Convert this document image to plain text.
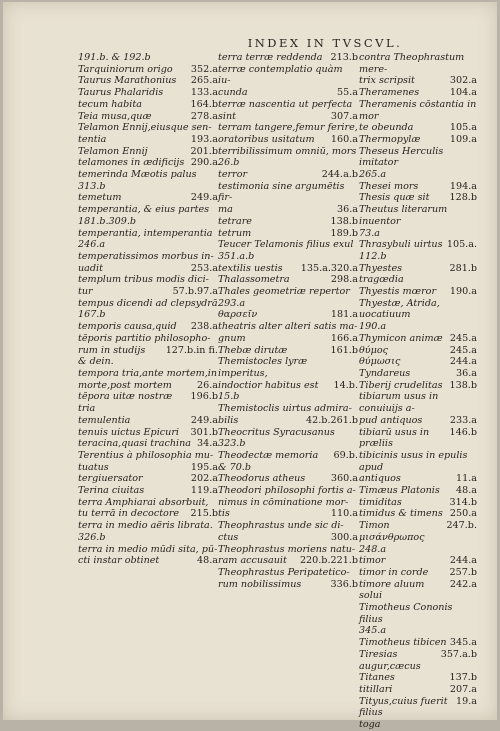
INDEX IN TVSCVL.
191.b. & 192.b
352.a
Tarquiniorum origo
265.a
Taurus Marathonius
133.a
Taurus Phalaridis
164.b
tecum habita
278.a
Teia musa,quæ
Telamon Ennij,eiusque sen-
193.a
tentia
201.b
Telamon Ennij
290.a
telamones in ædificijs
temerinda Mæotis palus
313.b
249.a
temetum
temperantia, & eius partes
181.b.309.b
temperantia, intemperantia
246.a
temperatissimos morbus in-
253.a
uadit
templum tribus modis dici-
57.b.97.a
tur
tempus dicendi ad clepsydrā
167.b
238.a
temporis causa,quid
tēporis partitio philosopho-
127.b.in fi.
rum in studijs
& dein.
tempora tria,ante mortem,in
26.a
morte,post mortem
196.b
tēpora uitæ nostræ tria
249.a
temulentia
301.b
tenuis uictus Epicuri
34.a
teracina,quasi trachina
Terentius à philosophia mu-
195.a
tuatus
202.a
tergiuersator
119.a
Terina ciuitas
terra Amphiarai absorbuit,
215.b
tu terrā in decoctore
terra in medio aëris librata.
326.b
terra in medio mūdi sita, pū-
48.a
cti instar obtinet
213.b
terra terræ reddenda
terræ contemplatio quàm iu-
55.a
cunda
terræ nascentia ut perfecta
307.a
sint
terram tangere,femur ferire,
160.a
oratoribus usitatum
terribilissimum omniū, mors
26.b
244.a.b
terror
testimonia sine argumētis fir-
36.a
ma
138.b
tetrare
189.b
tetrum
Teucer Telamonis filius exul
351.a.b
135.a.320.a
textilis uestis
298.a
Thalassometra
Thales geometriæ repertor
293.a
181.a
θαρσεῖν
theatris alter alteri satis ma-
166.a
gnum
161.b
Thebæ dirutæ
Themistocles lyræ imperitus,
14.b.
indoctior habitus est
15.b
Themistoclis uirtus admira-
42.b.261.b
bilis
Theocritus Syracusanus
323.b
69.b.
Theodectæ memoria
& 70.b
360.a
Theodorus atheus
Theodori philosophi fortis a-
nimus in cōminatione mor-
110.a
tis
Theophrastus unde sic di-
300.a
ctus
Theophrastus moriens natu-
220.b.221.b
ram accusauit
Theophrastus Peripatetico-
336.b
rum nobilissimus
contra Theophrastum mere-
302.a
trix scripsit
104.a
Theramenes
Theramenis cōstantia in mor
105.a
te obeunda
109.a
Thermopylæ
Theseus Herculis imitator
265.a
194.a
Thesei mors
128.b
Thesis quæ sit
Theutus literarum inuentor
73.a
105.a.
Thrasybuli uirtus
112.b
281.b
Thyestes tragœdia
190.a
Thyestis mœror
Thyestæ, Atrida, uocatiuum
190.a
245.a
Thymicon animæ
245.a
θύμος
244.a
θύμωσις
36.a
Tyndareus
138.b
Tiberij crudelitas
tibiarum usus in conuiuijs a-
233.a
pud antiquos
146.b
tibiarū usus in præliis
tibicinis usus in epulis apud
11.a
antiquos
48.a
Timæus Platonis
314.b
timiditas
250.a
timidus & timens
247.b.
Timon μισάνθρωπος
248.a
244.a
timor
257.b
timor in corde
242.a
timore aluum solui
Timotheus Cononis filius
345.a
345.a
Timotheus tibicen
357.a.b
Tiresias augur,cæcus
137.b
Titanes
207.a
titillari
19.a
Tityus,cuius fuerit filius
toga
